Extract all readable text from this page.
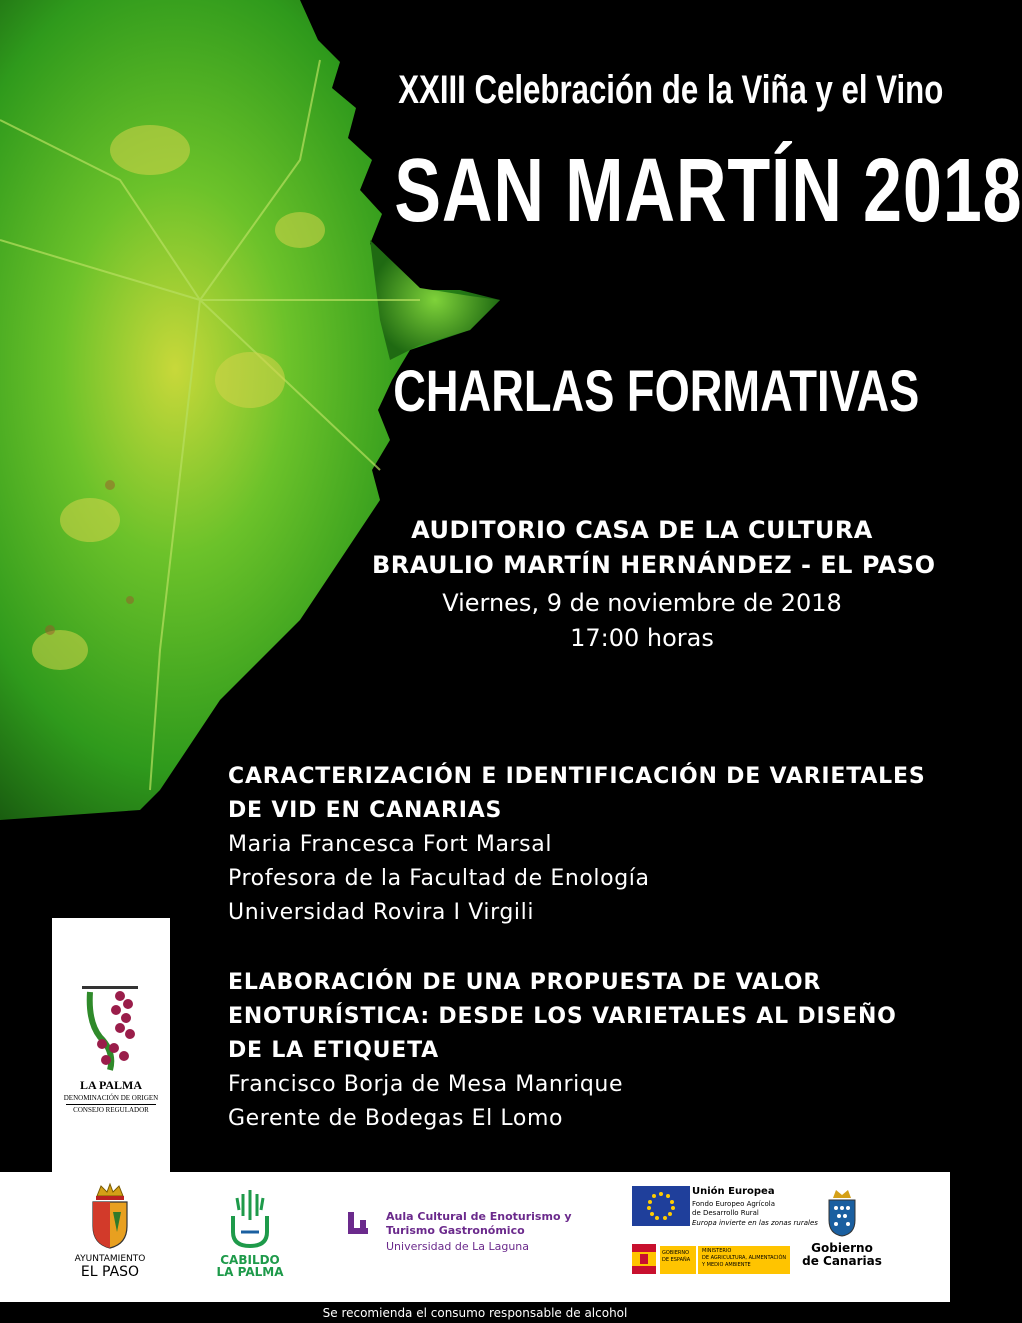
XXIII Celebración de la Viña y el Vino
SAN MARTÍN 2018
CHARLAS FORMATIVAS
AUDITORIO CASA DE LA CULTURA
BRAULIO MARTÍN HERNÁNDEZ - EL PASO
Viernes, 9 de noviembre de 2018
17:00 horas
CARACTERIZACIÓN E IDENTIFICACIÓN DE VARIETALES
DE VID EN CANARIAS
Maria Francesca Fort Marsal
Profesora de la Facultad de Enología
Universidad Rovira I Virgili
ELABORACIÓN DE UNA PROPUESTA DE VALOR
ENOTURÍSTICA: DESDE LOS VARIETALES AL DISEÑO
DE LA ETIQUETA
Francisco Borja de Mesa Manrique
Gerente de Bodegas El Lomo
LA PALMA
DENOMINACIÓN DE ORIGEN
CONSEJO REGULADOR
AYUNTAMIENTO
EL PASO
CABILDO
LA PALMA
Aula Cultural de Enoturismo y
Turismo Gastronómico
Universidad de La Laguna
Unión Europea
Fondo Europeo Agrícola
de Desarrollo Rural
Europa invierte en las zonas rurales
GOBIERNO
DE ESPAÑA
MINISTERIO
DE AGRICULTURA, ALIMENTACIÓN
Y MEDIO AMBIENTE
Gobierno
de Canarias
Se recomienda el consumo responsable de alcohol
